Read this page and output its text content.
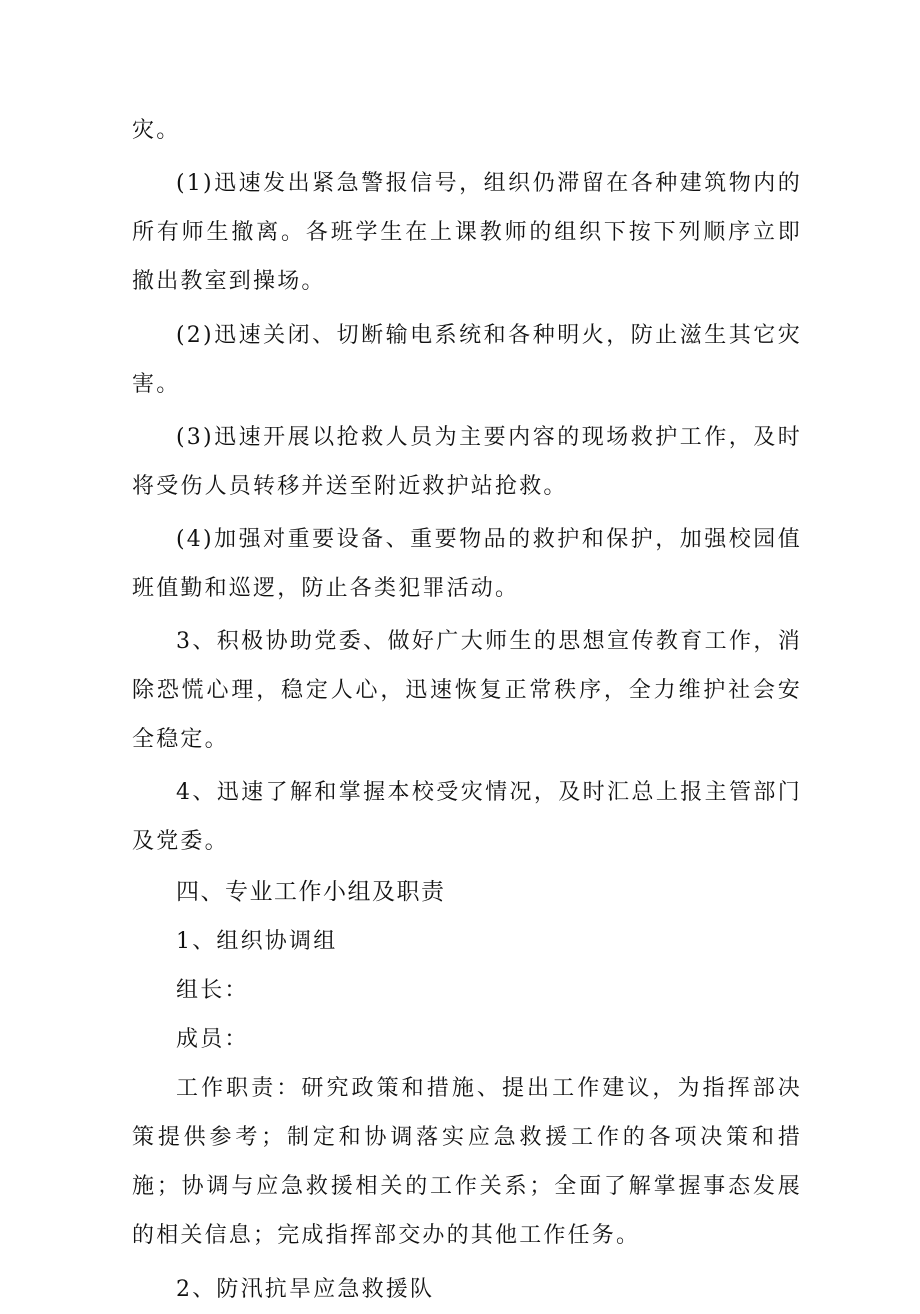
灾。

(1)迅速发出紧急警报信号，组织仍滞留在各种建筑物内的所有师生撤离。各班学生在上课教师的组织下按下列顺序立即撤出教室到操场。

(2)迅速关闭、切断输电系统和各种明火，防止滋生其它灾害。

(3)迅速开展以抢救人员为主要内容的现场救护工作，及时将受伤人员转移并送至附近救护站抢救。

(4)加强对重要设备、重要物品的救护和保护，加强校园值班值勤和巡逻，防止各类犯罪活动。

3、积极协助党委、做好广大师生的思想宣传教育工作，消除恐慌心理，稳定人心，迅速恢复正常秩序，全力维护社会安全稳定。

4、迅速了解和掌握本校受灾情况，及时汇总上报主管部门及党委。

四、专业工作小组及职责

1、组织协调组

组长：

成员：

工作职责：研究政策和措施、提出工作建议，为指挥部决策提供参考；制定和协调落实应急救援工作的各项决策和措施；协调与应急救援相关的工作关系；全面了解掌握事态发展的相关信息；完成指挥部交办的其他工作任务。

2、防汛抗旱应急救援队
